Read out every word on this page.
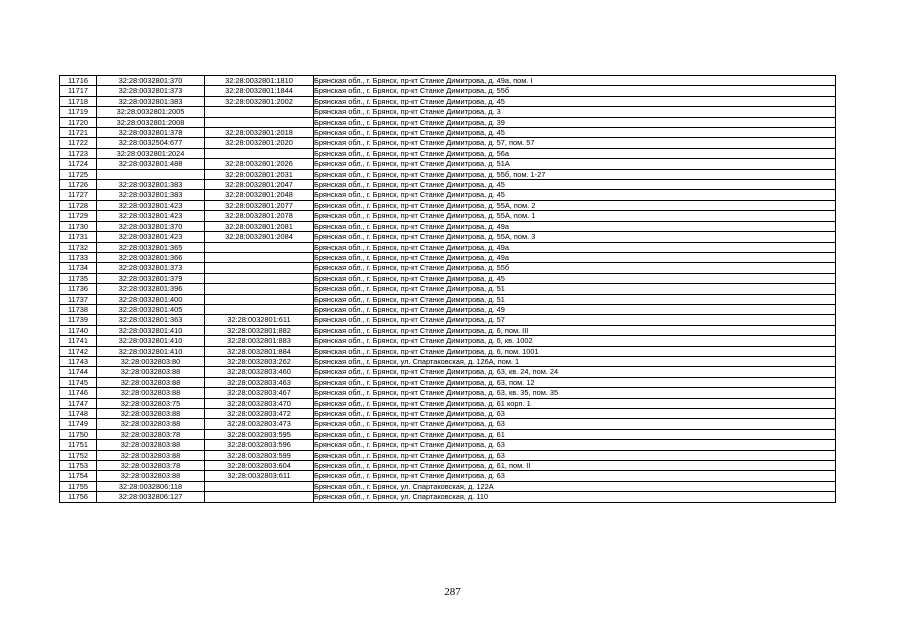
11716	32:28:0032801:370	32:28:0032801:1810	Брянская обл., г. Брянск, пр-кт Станке Димитрова, д. 49а, пом. I
11717	32:28:0032801:373	32:28:0032801:1844	Брянская обл., г. Брянск, пр-кт Станке Димитрова, д. 55б
11718	32:28:0032801:383	32:28:0032801:2002	Брянская обл., г. Брянск, пр-кт Станке Димитрова, д. 45
11719	32:28:0032801:2005		Брянская обл., г. Брянск, пр-кт Станке Димитрова, д. 3
11720	32:28:0032801:2008		Брянская обл., г. Брянск, пр-кт Станке Димитрова, д. 39
11721	32:28:0032801:378	32:28:0032801:2018	Брянская обл., г. Брянск, пр-кт Станке Димитрова, д. 45
11722	32:28:0032504:677	32:28:0032801:2020	Брянская обл., г. Брянск, пр-кт Станке Димитрова, д. 57, пом. 57
11723	32:28:0032801:2024		Брянская обл., г. Брянск, пр-кт Станке Димитрова, д. 56а
11724	32:28:0032801:488	32:28:0032801:2026	Брянская обл., г. Брянск, пр-кт Станке Димитрова, д. 51А
11725		32:28:0032801:2031	Брянская обл., г. Брянск, пр-кт Станке Димитрова, д. 55б, пом. 1-27
11726	32:28:0032801:383	32:28:0032801:2047	Брянская обл., г. Брянск, пр-кт Станке Димитрова, д. 45
11727	32:28:0032801:383	32:28:0032801:2048	Брянская обл., г. Брянск, пр-кт Станке Димитрова, д. 45
11728	32:28:0032801:423	32:28:0032801:2077	Брянская обл., г. Брянск, пр-кт Станке Димитрова, д. 55А, пом. 2
11729	32:28:0032801:423	32:28:0032801:2078	Брянская обл., г. Брянск, пр-кт Станке Димитрова, д. 55А, пом. 1
11730	32:28:0032801:370	32:28:0032801:2081	Брянская обл., г. Брянск, пр-кт Станке Димитрова, д. 49а
11731	32:28:0032801:423	32:28:0032801:2084	Брянская обл., г. Брянск, пр-кт Станке Димитрова, д. 55А, пом. 3
11732	32:28:0032801:365		Брянская обл., г. Брянск, пр-кт Станке Димитрова, д. 49а
11733	32:28:0032801:366		Брянская обл., г. Брянск, пр-кт Станке Димитрова, д. 49а
11734	32:28:0032801:373		Брянская обл., г. Брянск, пр-кт Станке Димитрова, д. 55б
11735	32:28:0032801:379		Брянская обл., г. Брянск, пр-кт Станке Димитрова, д. 45
11736	32:28:0032801:396		Брянская обл., г. Брянск, пр-кт Станке Димитрова, д. 51
11737	32:28:0032801:400		Брянская обл., г. Брянск, пр-кт Станке Димитрова, д. 51
11738	32:28:0032801:405		Брянская обл., г. Брянск, пр-кт Станке Димитрова, д. 49
11739	32:28:0032801:363	32:28:0032801:611	Брянская обл., г. Брянск, пр-кт Станке Димитрова, д. 57
11740	32:28:0032801:410	32:28:0032801:882	Брянская обл., г. Брянск, пр-кт Станке Димитрова, д. 6, пом. III
11741	32:28:0032801:410	32:28:0032801:883	Брянская обл., г. Брянск, пр-кт Станке Димитрова, д. 6, кв. 1002
11742	32:28:0032801:410	32:28:0032801:884	Брянская обл., г. Брянск, пр-кт Станке Димитрова, д. 6, пом. 1001
11743	32:28:0032803:80	32:28:0032803:262	Брянская обл., г. Брянск, ул. Спартаковская, д. 126А, пом. 1
11744	32:28:0032803:88	32:28:0032803:460	Брянская обл., г. Брянск, пр-кт Станке Димитрова, д. 63, кв. 24, пом. 24
11745	32:28:0032803:88	32:28:0032803:463	Брянская обл., г. Брянск, пр-кт Станке Димитрова, д. 63, пом. 12
11746	32:28:0032803:88	32:28:0032803:467	Брянская обл., г. Брянск, пр-кт Станке Димитрова, д. 63, кв. 35, пом. 35
11747	32:28:0032803:75	32:28:0032803:470	Брянская обл., г. Брянск, пр-кт Станке Димитрова, д. 61 корп. 1
11748	32:28:0032803:88	32:28:0032803:472	Брянская обл., г. Брянск, пр-кт Станке Димитрова, д. 63
11749	32:28:0032803:88	32:28:0032803:473	Брянская обл., г. Брянск, пр-кт Станке Димитрова, д. 63
11750	32:28:0032803:78	32:28:0032803:595	Брянская обл., г. Брянск, пр-кт Станке Димитрова, д. 61
11751	32:28:0032803:88	32:28:0032803:596	Брянская обл., г. Брянск, пр-кт Станке Димитрова, д. 63
11752	32:28:0032803:88	32:28:0032803:599	Брянская обл., г. Брянск, пр-кт Станке Димитрова, д. 63
11753	32:28:0032803:78	32:28:0032803:604	Брянская обл., г. Брянск, пр-кт Станке Димитрова, д. 61, пом. II
11754	32:28:0032803:88	32:28:0032803:611	Брянская обл., г. Брянск, пр-кт Станке Димитрова, д. 63
11755	32:28:0032806:118		Брянская обл., г. Брянск, ул. Спартаковская, д. 122А
11756	32:28:0032806:127		Брянская обл., г. Брянск, ул. Спартаковская, д. 110
287
